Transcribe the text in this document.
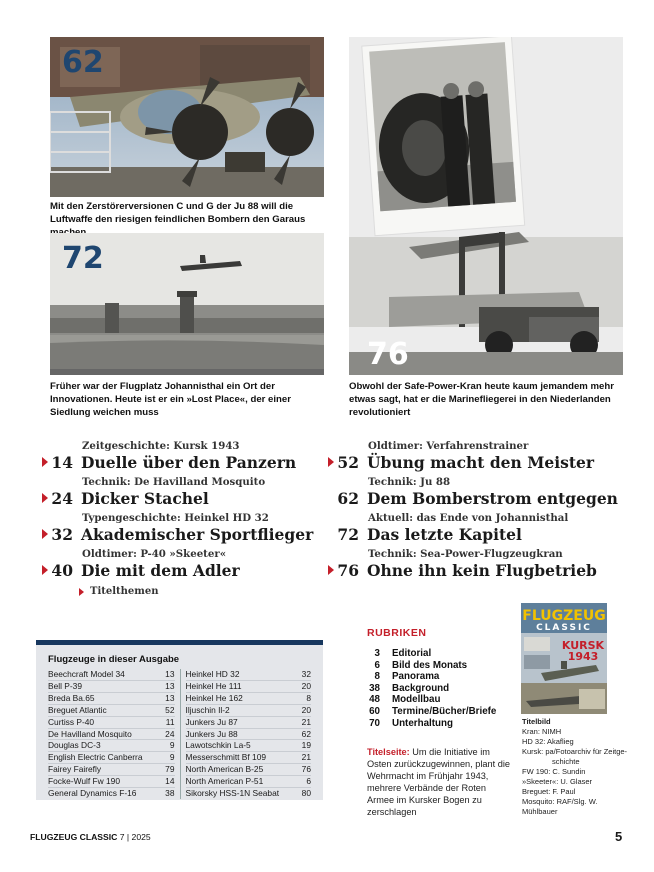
62
Mit den Zerstörerversionen C und G der Ju 88 will die Luftwaffe den riesigen feindlichen Bombern den Garaus
72
Früher war der Flugplatz Johannisthal ein Ort der Innovationen. Heute ist er ein »Lost Place«, der einer Siedlung weichen muss
76
Obwohl der Safe-Power-Kran heute kaum jemandem mehr etwas sagt, hat er die Marinefliegerei in den Niederlanden revolutioniert
Zeitgeschichte: Kursk 1943
14 Duelle über den Panzern
Technik: De Havilland Mosquito
24 Dicker Stachel
Typengeschichte: Heinkel HD 32
32 Akademischer Sportflieger
Oldtimer: P-40 »Skeeter«
40 Die mit dem Adler
Oldtimer: Verfahrenstrainer
52 Übung macht den Meister
Technik: Ju 88
62 Dem Bomberstrom entgegen
Aktuell: das Ende von Johannisthal
72 Das letzte Kapitel
Technik: Sea-Power-Flugzeugkran
76 Ohne ihn kein Flugbetrieb
Titelthemen
Flugzeuge in dieser Ausgabe
Beechcraft Model 34	13
Bell P-39	13
Breda Ba.65	13
Breguet Atlantic	52
Curtiss P-40	11
De Havilland Mosquito	24
Douglas DC-3	9
English Electric Canberra	9
Fairey Fairefly	79
Focke-Wulf Fw 190	14
General Dynamics F-16	38
Heinkel HD 32	32
Heinkel He 111	20
Heinkel He 162	8
Iljuschin Il-2	20
Junkers Ju 87	21
Junkers Ju 88	62
Lawotschkin La-5	19
Messerschmitt Bf 109	21
North American B-25	76
North American P-51	6
Sikorsky HSS-1N Seabat	80
RUBRIKEN
3 Editorial
6 Bild des Monats
8 Panorama
38 Background
48 Modellbau
60 Termine/Bücher/Briefe
70 Unterhaltung
Titelseite: Um die Initiative im Osten zurückzugewinnen, plant die Wehrmacht im Frühjahr 1943, mehrere Verbände der Roten Armee im Kursker Bogen zu zerschlagen
FLUGZEUG
CLASSIC
KURSK
1943
Titelbild
Kran: NIMH
HD 32: Akaflieg
Kursk: pa/Fotoarchiv für Zeitge-
schichte
FW 190: C. Sundin
»Skeeter«: U. Glaser
Breguet: F. Paul
Mosquito: RAF/Slg. W. Mühlbauer
FLUGZEUG CLASSIC 7 | 2025	5
